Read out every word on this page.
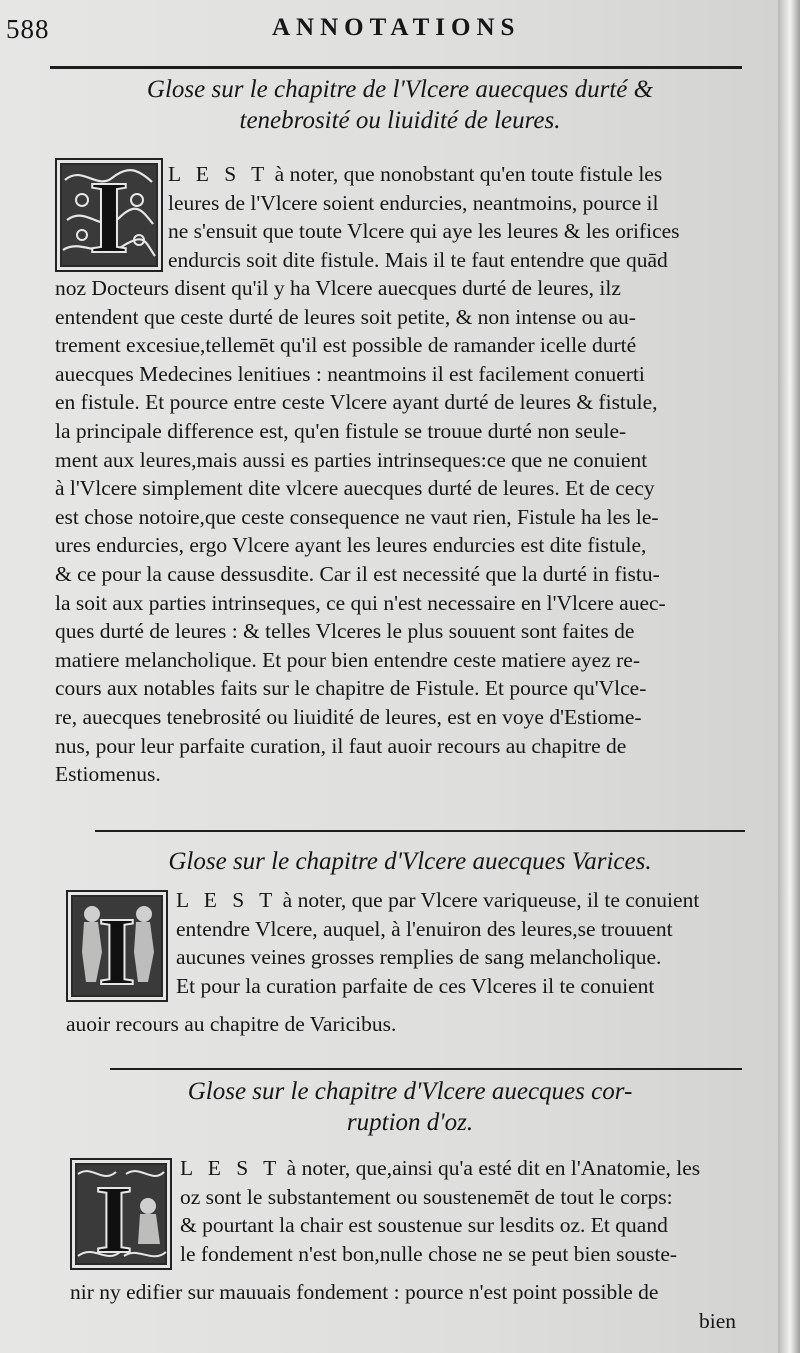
588	ANNOTATIONS
Glose sur le chapitre de l'Vlcere auecques durté &
tenebrosité ou liuidité de leures.
I L E S T à noter, que nonobstant qu'en toute fistule les
leures de l'Vlcere soient endurcies, neantmoins, pource il
ne s'ensuit que toute Vlcere qui aye les leures & les orifices
endurcis soit dite fistule. Mais il te faut entendre que quād
noz Docteurs disent qu'il y ha Vlcere auecques durté de leures, ilz
entendent que ceste durté de leures soit petite, & non intense ou au-
trement excesiue,tellemēt qu'il est possible de ramander icelle durté
auecques Medecines lenitiues : neantmoins il est facilement conuerti
en fistule. Et pource entre ceste Vlcere ayant durté de leures & fistule,
la principale difference est, qu'en fistule se trouue durté non seule-
ment aux leures,mais aussi es parties intrinseques:ce que ne conuient
à l'Vlcere simplement dite vlcere auecques durté de leures. Et de cecy
est chose notoire,que ceste consequence ne vaut rien, Fistule ha les le-
ures endurcies, ergo Vlcere ayant les leures endurcies est dite fistule,
& ce pour la cause dessusdite. Car il est necessité que la durté in fistu-
la soit aux parties intrinseques, ce qui n'est necessaire en l'Vlcere auec-
ques durté de leures : & telles Vlceres le plus souuent sont faites de
matiere melancholique. Et pour bien entendre ceste matiere ayez re-
cours aux notables faits sur le chapitre de Fistule. Et pource qu'Vlce-
re, auecques tenebrosité ou liuidité de leures, est en voye d'Estiome-
nus, pour leur parfaite curation, il faut auoir recours au chapitre de
Estiomenus.
Glose sur le chapitre d'Vlcere auecques Varices.
I L E S T à noter, que par Vlcere variqueuse, il te conuient
entendre Vlcere, auquel, à l'enuiron des leures,se trouuent
aucunes veines grosses remplies de sang melancholique.
Et pour la curation parfaite de ces Vlceres il te conuient
auoir recours au chapitre de Varicibus.
Glose sur le chapitre d'Vlcere auecques cor-
ruption d'oz.
I L E S T à noter, que,ainsi qu'a esté dit en l'Anatomie, les
oz sont le substantement ou soustenemēt de tout le corps:
& pourtant la chair est soustenue sur lesdits oz. Et quand
le fondement n'est bon,nulle chose ne se peut bien souste-
nir ny edifier sur mauuais fondement : pource n'est point possible de
bien
